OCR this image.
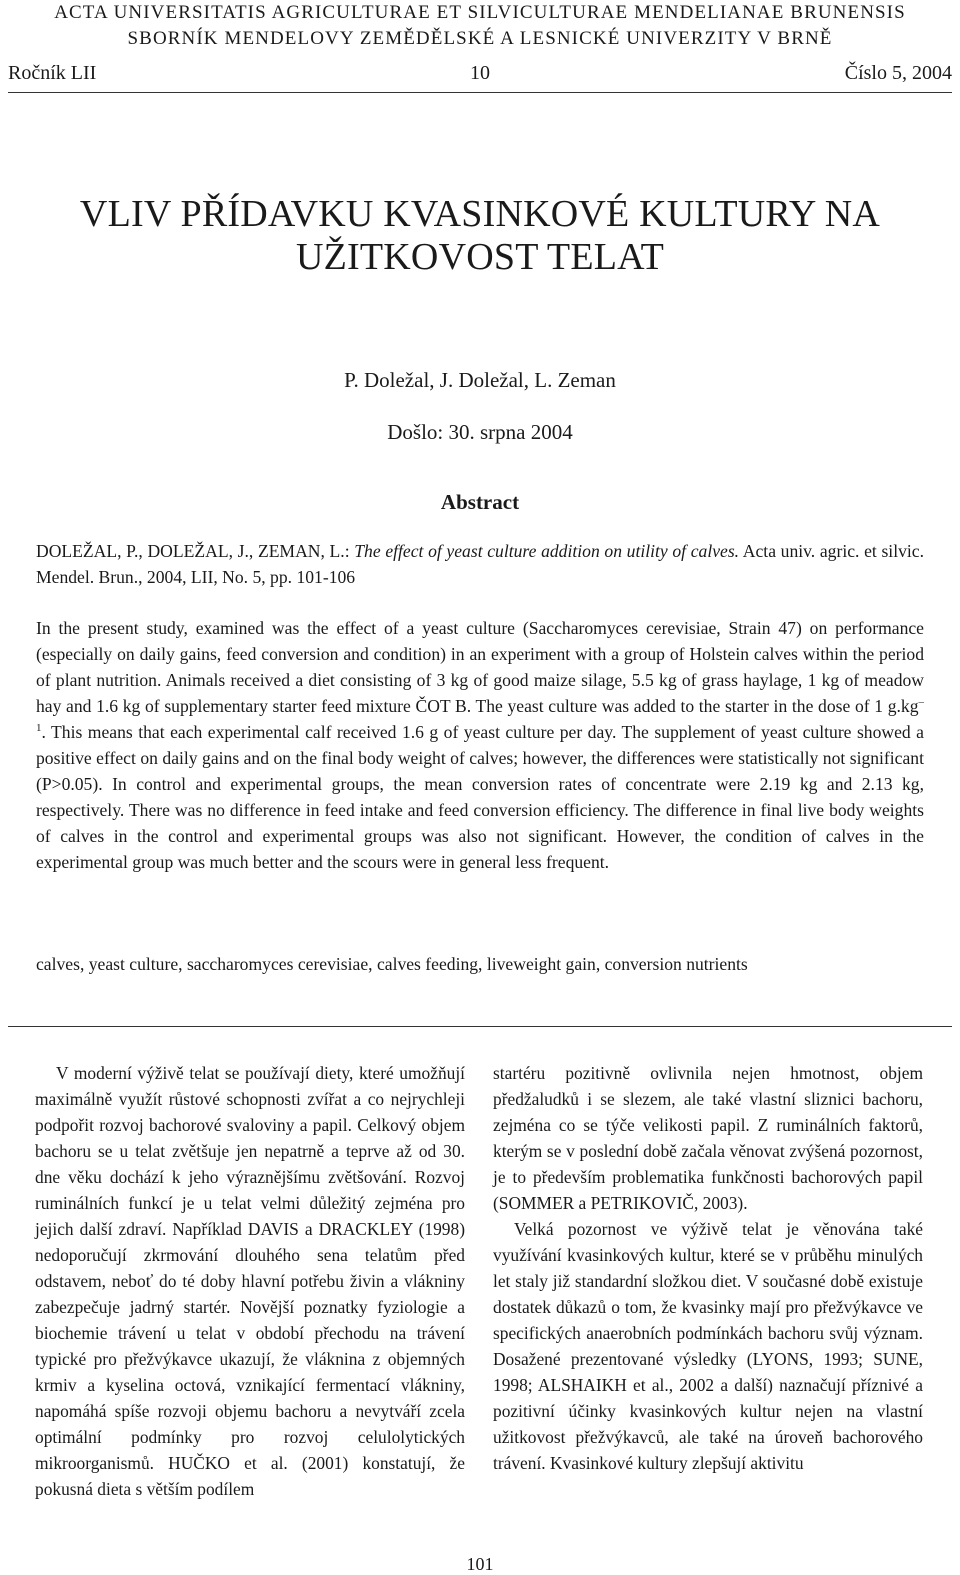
ACTA UNIVERSITATIS AGRICULTURAE ET SILVICULTURAE MENDELIANAE BRUNENSIS
SBORNÍK MENDELOVY ZEMĚDĚLSKÉ A LESNICKÉ UNIVERZITY V BRNĚ
Ročník LII	10	Číslo 5, 2004
VLIV PŘÍDAVKU KVASINKOVÉ KULTURY NA
UŽITKOVOST TELAT
P. Doležal, J. Doležal, L. Zeman
Došlo: 30. srpna 2004
Abstract
DOLEŽAL, P., DOLEŽAL, J., ZEMAN, L.: The effect of yeast culture addition on utility of calves. Acta univ. agric. et silvic. Mendel. Brun., 2004, LII, No. 5, pp. 101-106
In the present study, examined was the effect of a yeast culture (Saccharomyces cerevisiae, Strain 47) on performance (especially on daily gains, feed conversion and condition) in an experiment with a group of Holstein calves within the period of plant nutrition. Animals received a diet consisting of 3 kg of good maize silage, 5.5 kg of grass haylage, 1 kg of meadow hay and 1.6 kg of supplementary starter feed mixture ČOT B. The yeast culture was added to the starter in the dose of 1 $g.kg^{-1}$. This means that each experimental calf received 1.6 g of yeast culture per day. The supplement of yeast culture showed a positive effect on daily gains and on the final body weight of calves; however, the differences were statistically not significant (P>0.05). In control and experimental groups, the mean conversion rates of concentrate were 2.19 kg and 2.13 kg, respectively. There was no difference in feed intake and feed conversion efficiency. The difference in final live body weights of calves in the control and experimental groups was also not significant. However, the condition of calves in the experimental group was much better and the scours were in general less frequent.
calves, yeast culture, saccharomyces cerevisiae, calves feeding, liveweight gain, conversion nutrients

V moderní výživě telat se používají diety, které umožňují maximálně využít růstové schopnosti zvířat a co nejrychleji podpořit rozvoj bachorové svaloviny a papil. Celkový objem bachoru se u telat zvětšuje jen nepatrně a teprve až od 30. dne věku dochází k jeho výraznějšímu zvětšování. Rozvoj ruminálních funkcí je u telat velmi důležitý zejména pro jejich další zdraví. Například DAVIS a DRACKLEY (1998) nedoporučují zkrmování dlouhého sena telatům před odstavem, neboť do té doby hlavní potřebu živin a vlákniny zabezpečuje jadrný startér. Novější poznatky fyziologie a biochemie trávení u telat v období přechodu na trávení typické pro přežvýkavce ukazují, že vláknina z objemných krmiv a kyselina octová, vznikající fermentací vlákniny, napomáhá spíše rozvoji objemu bachoru a nevytváří zcela optimální podmínky pro rozvoj celulolytických mikroorganismů. HUČKO et al. (2001) konstatují, že pokusná dieta s větším podílem

startéru pozitivně ovlivnila nejen hmotnost, objem předžaludků i se slezem, ale také vlastní sliznici bachoru, zejména co se týče velikosti papil. Z ruminálních faktorů, kterým se v poslední době začala věnovat zvýšená pozornost, je to především problematika funkčnosti bachorových papil (SOMMER a PETRIKOVIČ, 2003).

Velká pozornost ve výživě telat je věnována také využívání kvasinkových kultur, které se v průběhu minulých let staly již standardní složkou diet. V současné době existuje dostatek důkazů o tom, že kvasinky mají pro přežvýkavce ve specifických anaerobních podmínkách bachoru svůj význam. Dosažené prezentované výsledky (LYONS, 1993; SUNE, 1998; ALSHAIKH et al., 2002 a další) naznačují příznivé a pozitivní účinky kvasinkových kultur nejen na vlastní užitkovost přežvýkavců, ale také na úroveň bachorového trávení. Kvasinkové kultury zlepšují aktivitu

101
